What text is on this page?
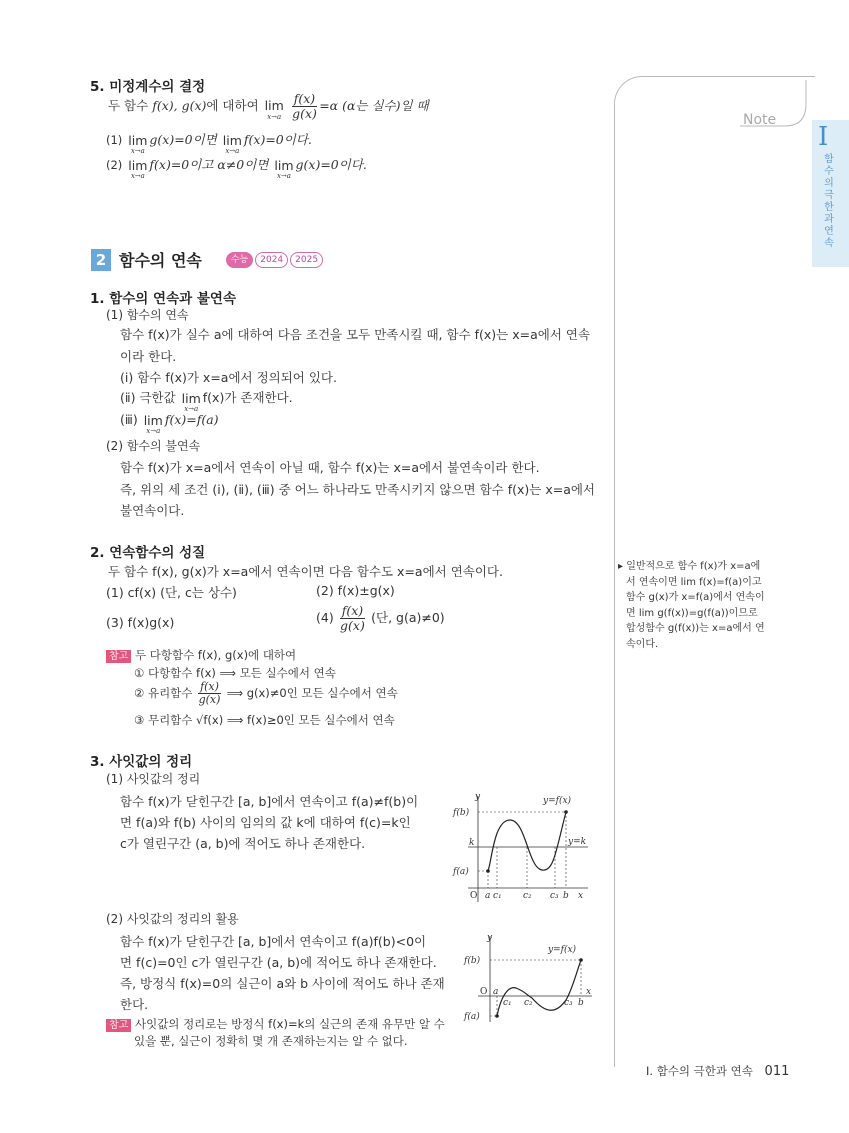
Note
I
함수의 극한과 연속
5. 미정계수의 결정
두 함수 f(x), g(x)에 대하여 lim
x→a
$\frac{f(x)}{g(x)} =\alpha$ (α는 실수)일 때
(1) lim
x→a
g(x)=0이면 lim
x→a
f(x)=0이다.
(2) lim
x→a
f(x)=0이고 α≠0이면 lim
x→a
g(x)=0이다.
2 함수의 연속	수능	2024	2025
1. 함수의 연속과 불연속
(1) 함수의 연속
함수 f(x)가 실수 a에 대하여 다음 조건을 모두 만족시킬 때, 함수 f(x)는 x=a에서 연속
이라 한다.
(ⅰ) 함수 f(x)가 x=a에서 정의되어 있다.
(ⅱ) 극한값 lim
x→a
f(x)가 존재한다.
(ⅲ) lim
x→a
f(x)=f(a)
(2) 함수의 불연속
함수 f(x)가 x=a에서 연속이 아닐 때, 함수 f(x)는 x=a에서 불연속이라 한다.
즉, 위의 세 조건 (ⅰ), (ⅱ), (ⅲ) 중 어느 하나라도 만족시키지 않으면 함수 f(x)는 x=a에서
불연속이다.
2. 연속함수의 성질
두 함수 f(x), g(x)가 x=a에서 연속이면 다음 함수도 x=a에서 연속이다.
(1) cf(x) (단, c는 상수)	(2) f(x)±g(x)
(3) f(x)g(x)	$(4) \frac{f(x)}{g(x)}$ (단, g(a)≠0)
참고 두 다항함수 f(x), g(x)에 대하여
① 다항함수 f(x) ⟹ 모든 실수에서 연속
② 유리함수 $\frac{f(x)}{g(x)}$ ⟹ g(x)≠0인 모든 실수에서 연속
③ 무리함수 √f(x) ⟹ f(x)≥0인 모든 실수에서 연속
▸ 일반적으로 함수 f(x)가 x=a에
서 연속이면 lim f(x)=f(a)이고
함수 g(x)가 x=f(a)에서 연속이
면 lim g(f(x))=g(f(a))이므로
합성함수 g(f(x))는 x=a에서 연
속이다.
3. 사잇값의 정리
(1) 사잇값의 정리
함수 f(x)가 닫힌구간 [a, b]에서 연속이고 f(a)≠f(b)이
면 f(a)와 f(b) 사이의 임의의 값 k에 대하여 f(c)=k인
c가 열린구간 (a, b)에 적어도 하나 존재한다.
y	y=f(x)
f(b)
k	y=k
f(a)
O a c₁ c₂ c₃ b x
(2) 사잇값의 정리의 활용
함수 f(x)가 닫힌구간 [a, b]에서 연속이고 f(a)f(b)<0이
면 f(c)=0인 c가 열린구간 (a, b)에 적어도 하나 존재한다.
즉, 방정식 f(x)=0의 실근이 a와 b 사이에 적어도 하나 존재
한다.
y
y=f(x)
f(b)
f(a)
O a
c₁ c₂	c₃ b
x
참고 사잇값의 정리로는 방정식 f(x)=k의 실근의 존재 유무만 알 수
있을 뿐, 실근이 정확히 몇 개 존재하는지는 알 수 없다.
Ⅰ. 함수의 극한과 연속 011
